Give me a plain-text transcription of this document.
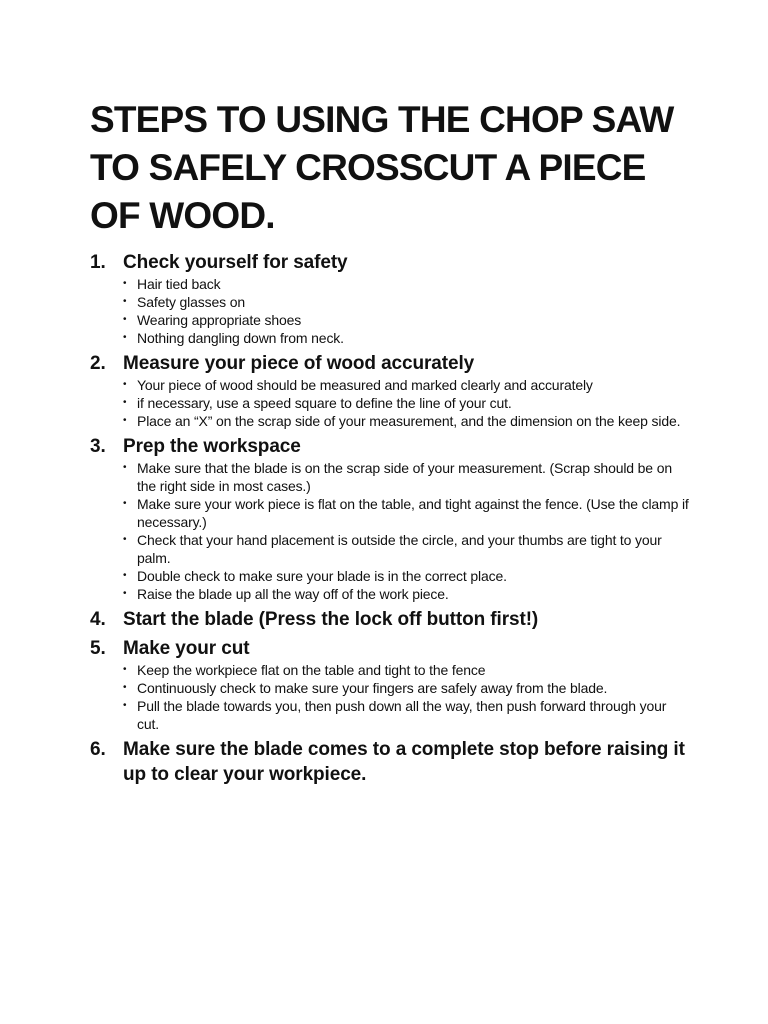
STEPS TO USING THE CHOP SAW TO SAFELY CROSSCUT A PIECE OF WOOD.
1. Check yourself for safety
• Hair tied back
• Safety glasses on
• Wearing appropriate shoes
• Nothing dangling down from neck.
2. Measure your piece of wood accurately
• Your piece of wood should be measured and marked clearly and accurately
• if necessary, use a speed square to define the line of your cut.
• Place an “X” on the scrap side of your measurement, and the dimension on the keep side.
3. Prep the workspace
• Make sure that the blade is on the scrap side of your measurement. (Scrap should be on the right side in most cases.)
• Make sure your work piece is flat on the table, and tight against the fence. (Use the clamp if necessary.)
• Check that your hand placement is outside the circle, and your thumbs are tight to your palm.
• Double check to make sure your blade is in the correct place.
• Raise the blade up all the way off of the work piece.
4. Start the blade (Press the lock off button first!)
5. Make your cut
• Keep the workpiece flat on the table and tight to the fence
• Continuously check to make sure your fingers are safely away from the blade.
• Pull the blade towards you, then push down all the way, then push forward through your cut.
6. Make sure the blade comes to a complete stop before raising it up to clear your workpiece.
